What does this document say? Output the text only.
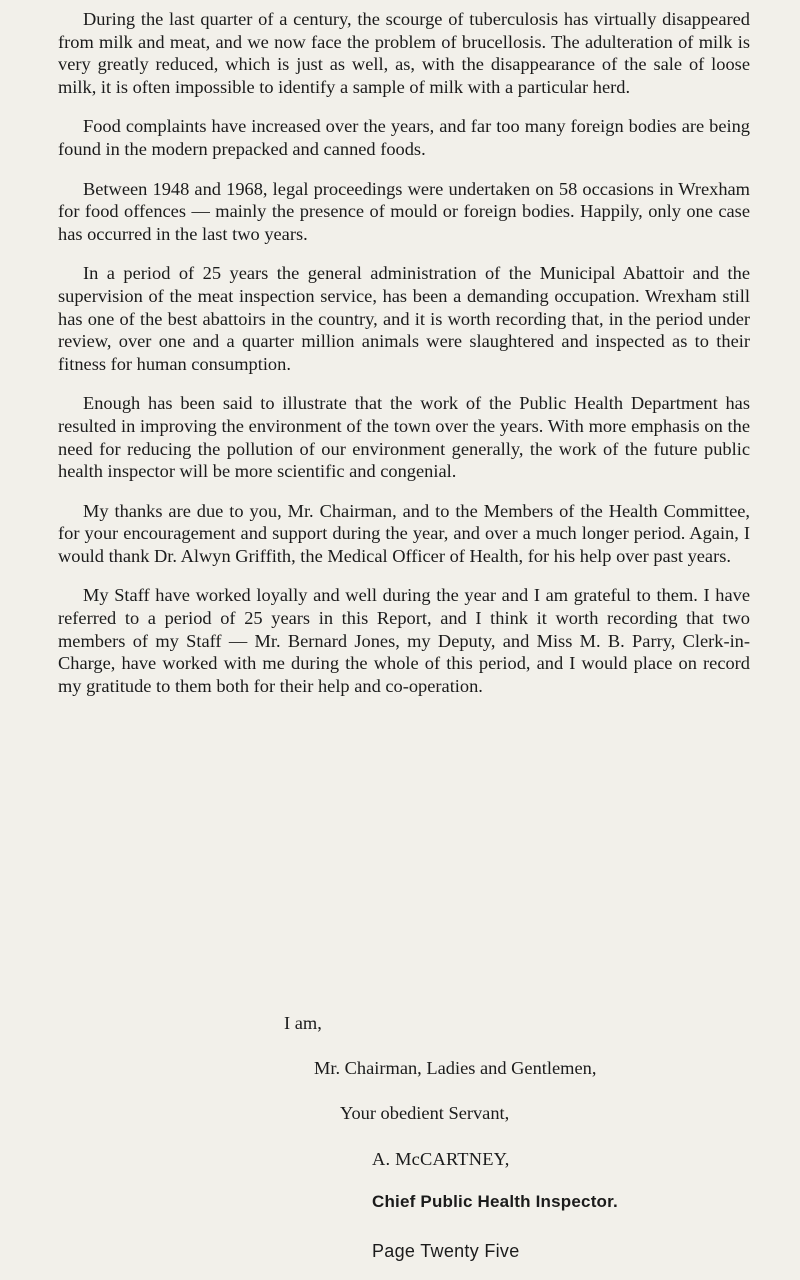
During the last quarter of a century, the scourge of tuberculosis has virtually disappeared from milk and meat, and we now face the problem of brucellosis. The adulteration of milk is very greatly reduced, which is just as well, as, with the disappearance of the sale of loose milk, it is often impossible to identify a sample of milk with a particular herd.

Food complaints have increased over the years, and far too many foreign bodies are being found in the modern prepacked and canned foods.

Between 1948 and 1968, legal proceedings were undertaken on 58 occasions in Wrexham for food offences — mainly the presence of mould or foreign bodies. Happily, only one case has occurred in the last two years.

In a period of 25 years the general administration of the Municipal Abattoir and the supervision of the meat inspection service, has been a demanding occupation. Wrexham still has one of the best abattoirs in the country, and it is worth recording that, in the period under review, over one and a quarter million animals were slaughtered and inspected as to their fitness for human consumption.

Enough has been said to illustrate that the work of the Public Health Department has resulted in improving the environment of the town over the years. With more emphasis on the need for reducing the pollution of our environment generally, the work of the future public health inspector will be more scientific and congenial.

My thanks are due to you, Mr. Chairman, and to the Members of the Health Committee, for your encouragement and support during the year, and over a much longer period. Again, I would thank Dr. Alwyn Griffith, the Medical Officer of Health, for his help over past years.

My Staff have worked loyally and well during the year and I am grateful to them. I have referred to a period of 25 years in this Report, and I think it worth recording that two members of my Staff — Mr. Bernard Jones, my Deputy, and Miss M. B. Parry, Clerk-in-Charge, have worked with me during the whole of this period, and I would place on record my gratitude to them both for their help and co-operation.

I am,
Mr. Chairman, Ladies and Gentlemen,
Your obedient Servant,
A. McCARTNEY,
Chief Public Health Inspector.
Page Twenty Five
